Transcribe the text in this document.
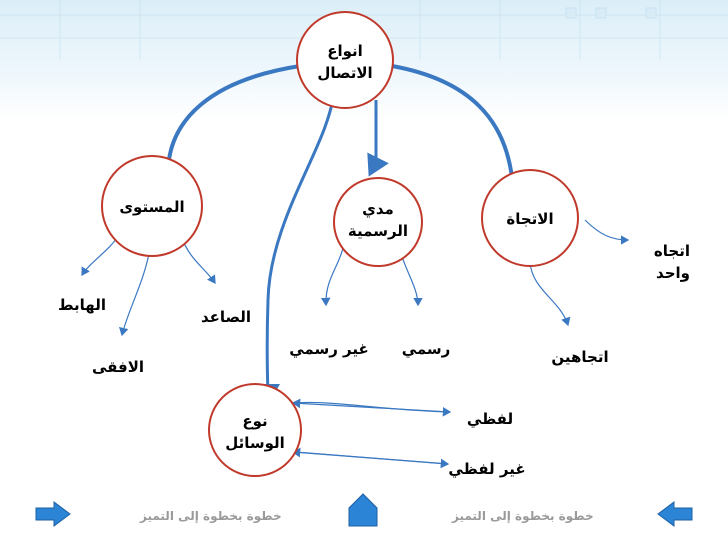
انواع
الاتصال
المستوى	مدي
الرسمية
الاتجاة
نوع
الوسائل
الهابط
الصاعد
الافقى
غير رسمي	رسمي	اتجاهين
اتجاه
واحد
لفظي
غير لفظي
خطوة بخطوة إلى التميز	خطوة بخطوة إلى التميز
